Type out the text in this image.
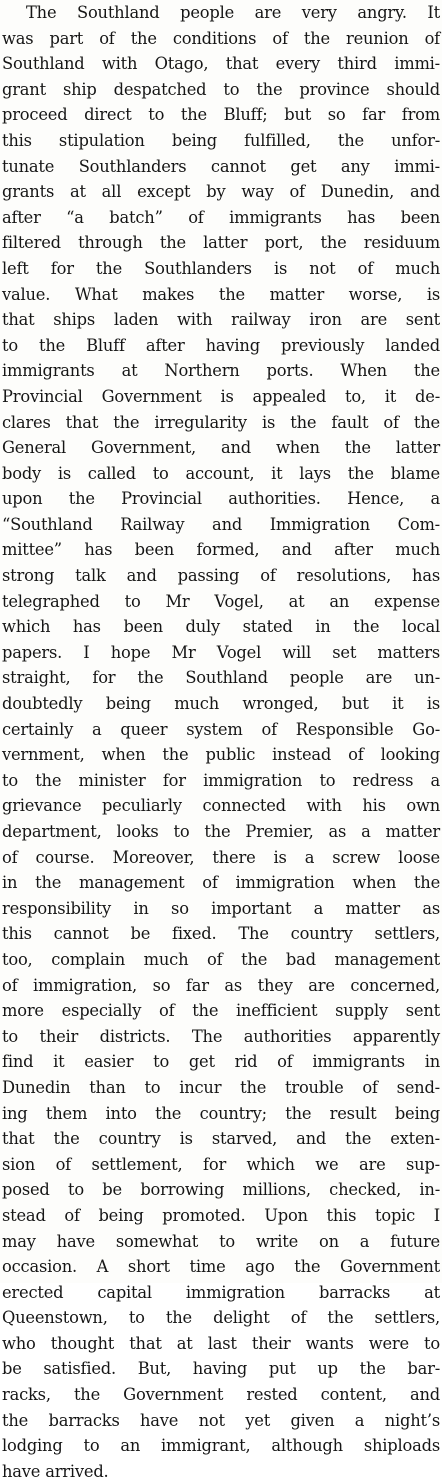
The Southland people are very angry. It
was part of the conditions of the reunion of
Southland with Otago, that every third immi-
grant ship despatched to the province should
proceed direct to the Bluff; but so far from
this stipulation being fulfilled, the unfor-
tunate Southlanders cannot get any immi-
grants at all except by way of Dunedin, and
after “a batch” of immigrants has been
filtered through the latter port, the residuum
left for the Southlanders is not of much
value. What makes the matter worse, is
that ships laden with railway iron are sent
to the Bluff after having previously landed
immigrants at Northern ports. When the
Provincial Government is appealed to, it de-
clares that the irregularity is the fault of the
General Government, and when the latter
body is called to account, it lays the blame
upon the Provincial authorities. Hence, a
“Southland Railway and Immigration Com-
mittee” has been formed, and after much
strong talk and passing of resolutions, has
telegraphed to Mr Vogel, at an expense
which has been duly stated in the local
papers. I hope Mr Vogel will set matters
straight, for the Southland people are un-
doubtedly being much wronged, but it is
certainly a queer system of Responsible Go-
vernment, when the public instead of looking
to the minister for immigration to redress a
grievance peculiarly connected with his own
department, looks to the Premier, as a matter
of course. Moreover, there is a screw loose
in the management of immigration when the
responsibility in so important a matter as
this cannot be fixed. The country settlers,
too, complain much of the bad management
of immigration, so far as they are concerned,
more especially of the inefficient supply sent
to their districts. The authorities apparently
find it easier to get rid of immigrants in
Dunedin than to incur the trouble of send-
ing them into the country; the result being
that the country is starved, and the exten-
sion of settlement, for which we are sup-
posed to be borrowing millions, checked, in-
stead of being promoted. Upon this topic I
may have somewhat to write on a future
occasion. A short time ago the Government
erected capital immigration barracks at
Queenstown, to the delight of the settlers,
who thought that at last their wants were to
be satisfied. But, having put up the bar-
racks, the Government rested content, and
the barracks have not yet given a night’s
lodging to an immigrant, although shiploads
have arrived.
